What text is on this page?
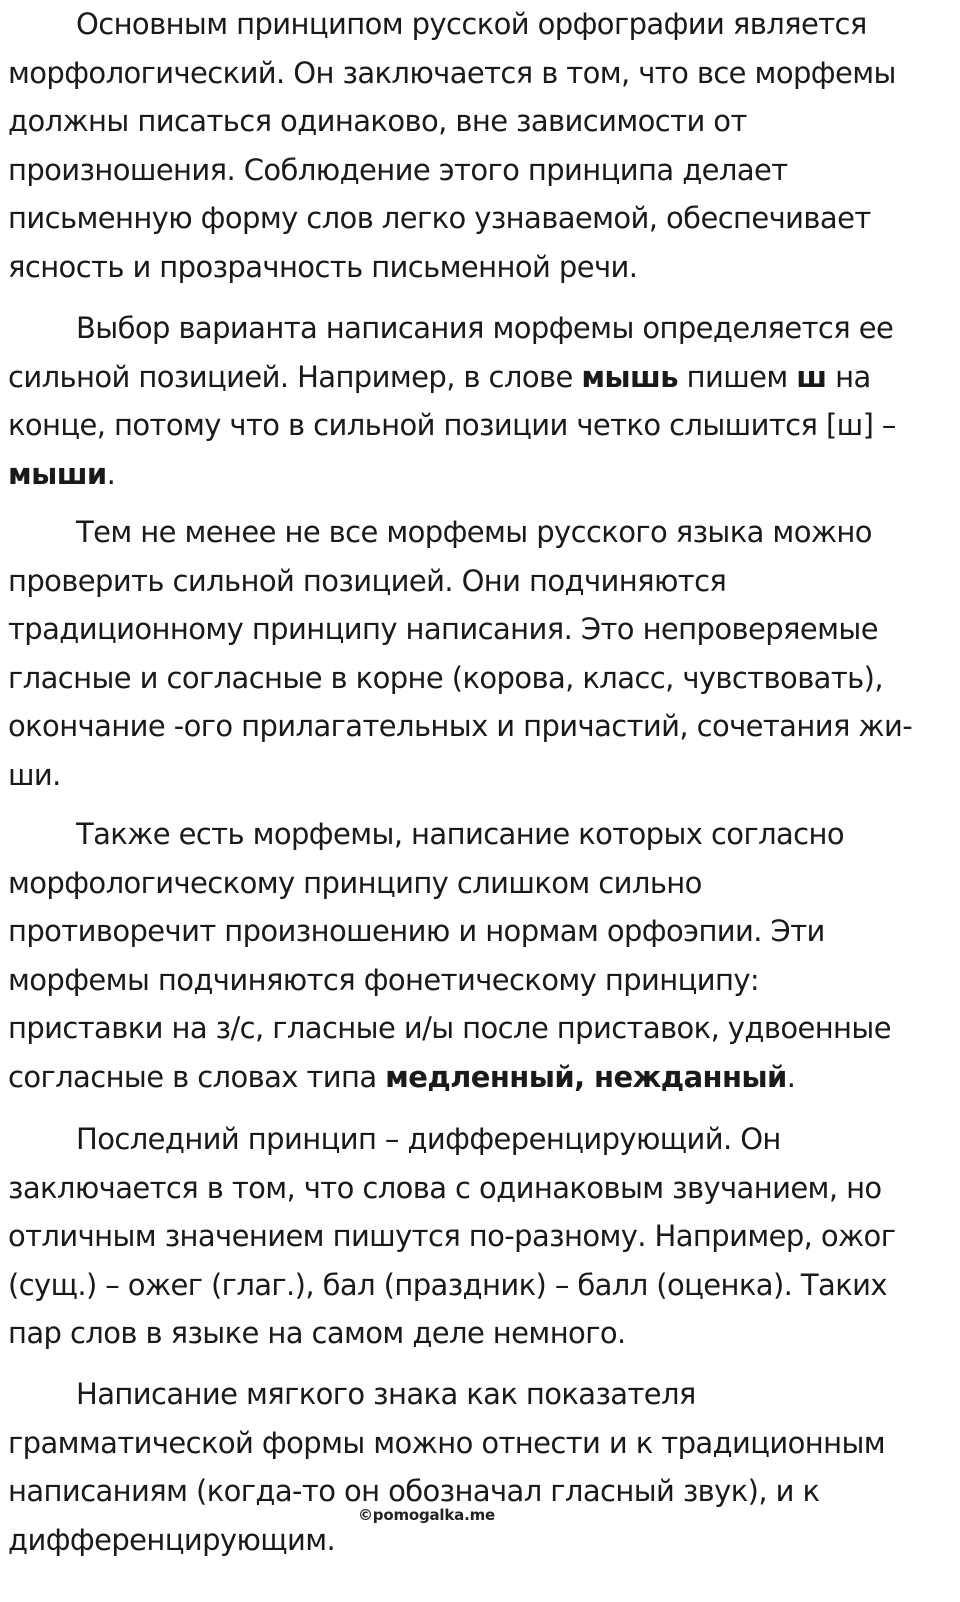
Основным принципом русской орфографии является
морфологический. Он заключается в том, что все морфемы
должны писаться одинаково, вне зависимости от
произношения. Соблюдение этого принципа делает
письменную форму слов легко узнаваемой, обеспечивает
ясность и прозрачность письменной речи.

Выбор варианта написания морфемы определяется ее
сильной позицией. Например, в слове мышь пишем ш на
конце, потому что в сильной позиции четко слышится [ш] –
мыши.

Тем не менее не все морфемы русского языка можно
проверить сильной позицией. Они подчиняются
традиционному принципу написания. Это непроверяемые
гласные и согласные в корне (корова, класс, чувствовать),
окончание -ого прилагательных и причастий, сочетания жи-
ши.

Также есть морфемы, написание которых согласно
морфологическому принципу слишком сильно
противоречит произношению и нормам орфоэпии. Эти
морфемы подчиняются фонетическому принципу:
приставки на з/с, гласные и/ы после приставок, удвоенные
согласные в словах типа медленный, нежданный.

Последний принцип – дифференцирующий. Он
заключается в том, что слова с одинаковым звучанием, но
отличным значением пишутся по-разному. Например, ожог
(сущ.) – ожег (глаг.), бал (праздник) – балл (оценка). Таких
пар слов в языке на самом деле немного.

Написание мягкого знака как показателя
грамматической формы можно отнести и к традиционным
написаниям (когда-то он обозначал гласный звук), и к
дифференцирующим.

©pomogalka.me
